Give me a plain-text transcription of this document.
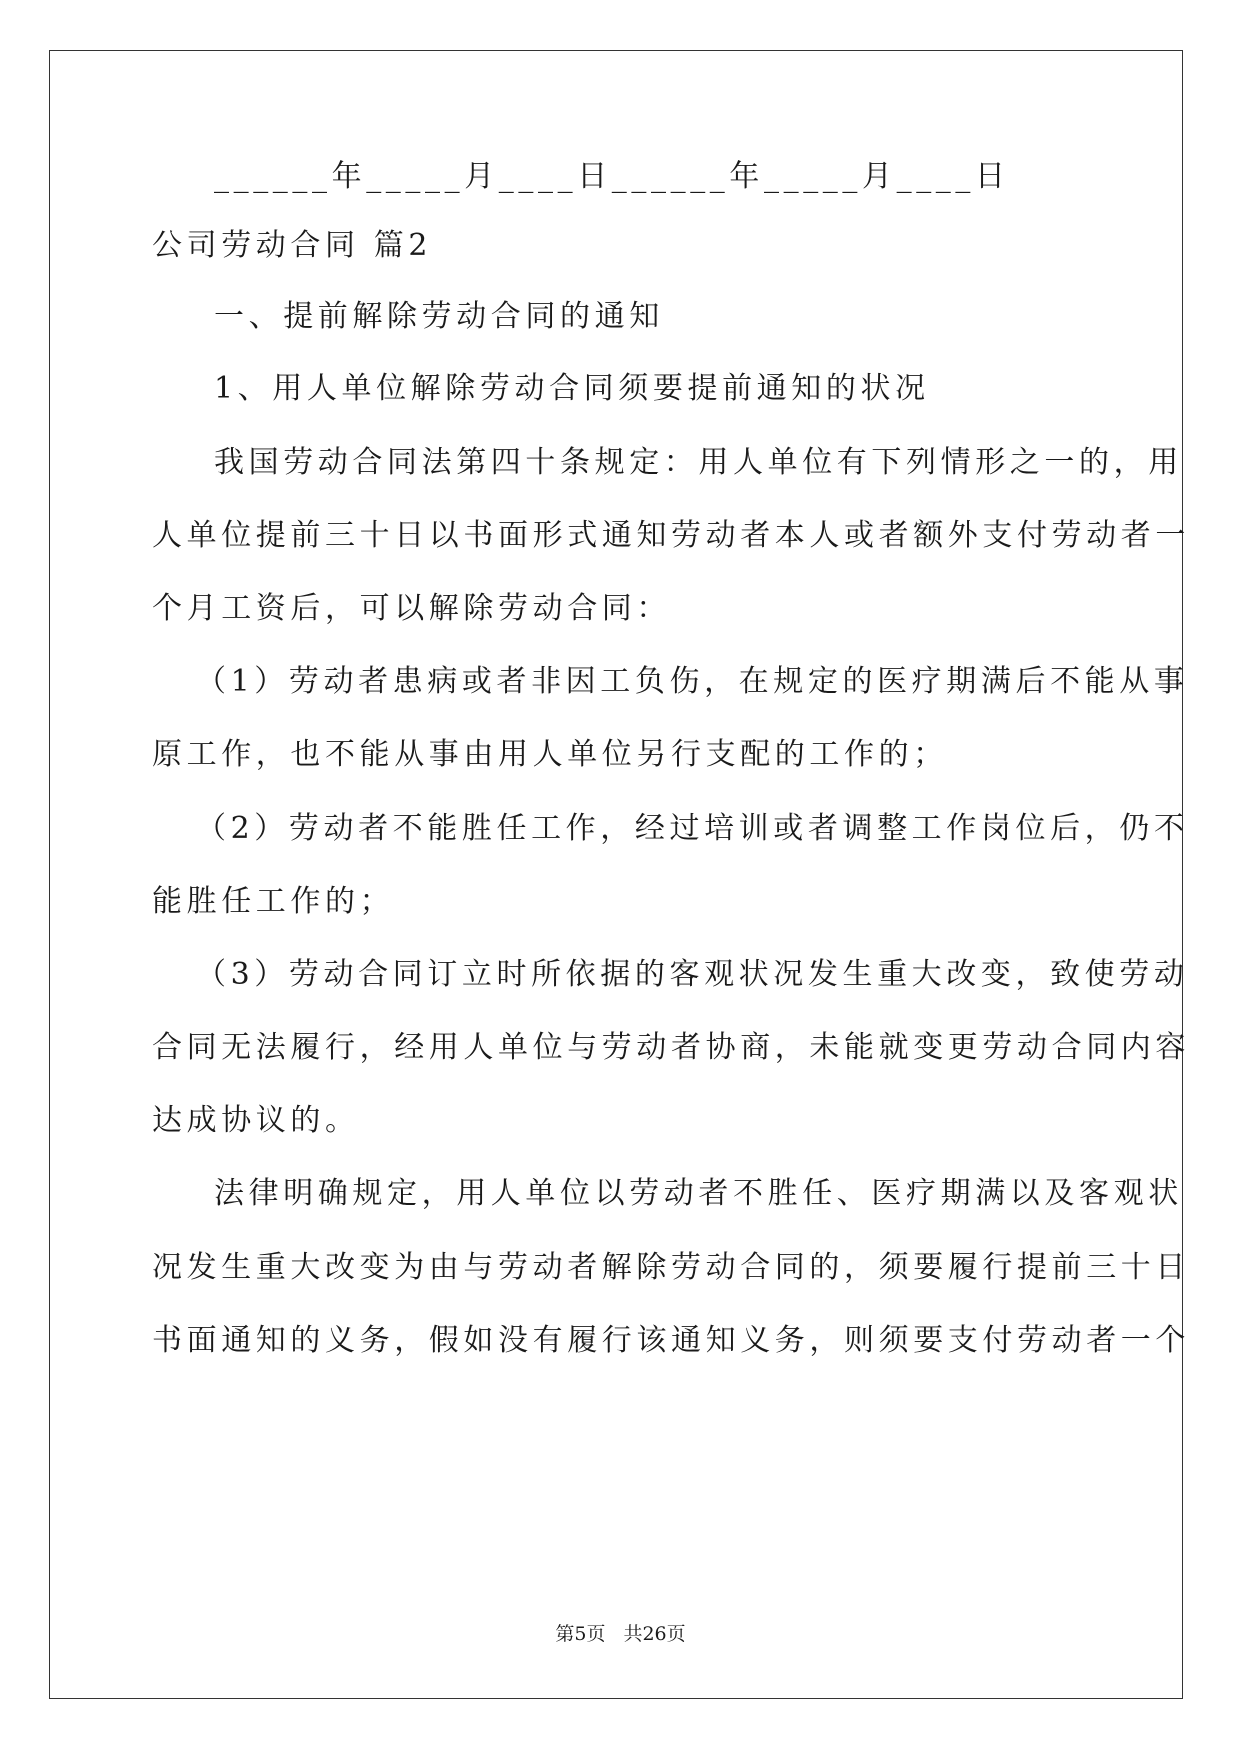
______年_____月____日______年_____月____日
公司劳动合同 篇2
一、提前解除劳动合同的通知
1、用人单位解除劳动合同须要提前通知的状况
我国劳动合同法第四十条规定：用人单位有下列情形之一的，用
人单位提前三十日以书面形式通知劳动者本人或者额外支付劳动者一
个月工资后，可以解除劳动合同：
（1）劳动者患病或者非因工负伤，在规定的医疗期满后不能从事
原工作，也不能从事由用人单位另行支配的工作的；
（2）劳动者不能胜任工作，经过培训或者调整工作岗位后，仍不
能胜任工作的；
（3）劳动合同订立时所依据的客观状况发生重大改变，致使劳动
合同无法履行，经用人单位与劳动者协商，未能就变更劳动合同内容
达成协议的。
法律明确规定，用人单位以劳动者不胜任、医疗期满以及客观状
况发生重大改变为由与劳动者解除劳动合同的，须要履行提前三十日
书面通知的义务，假如没有履行该通知义务，则须要支付劳动者一个
第5页 共26页
